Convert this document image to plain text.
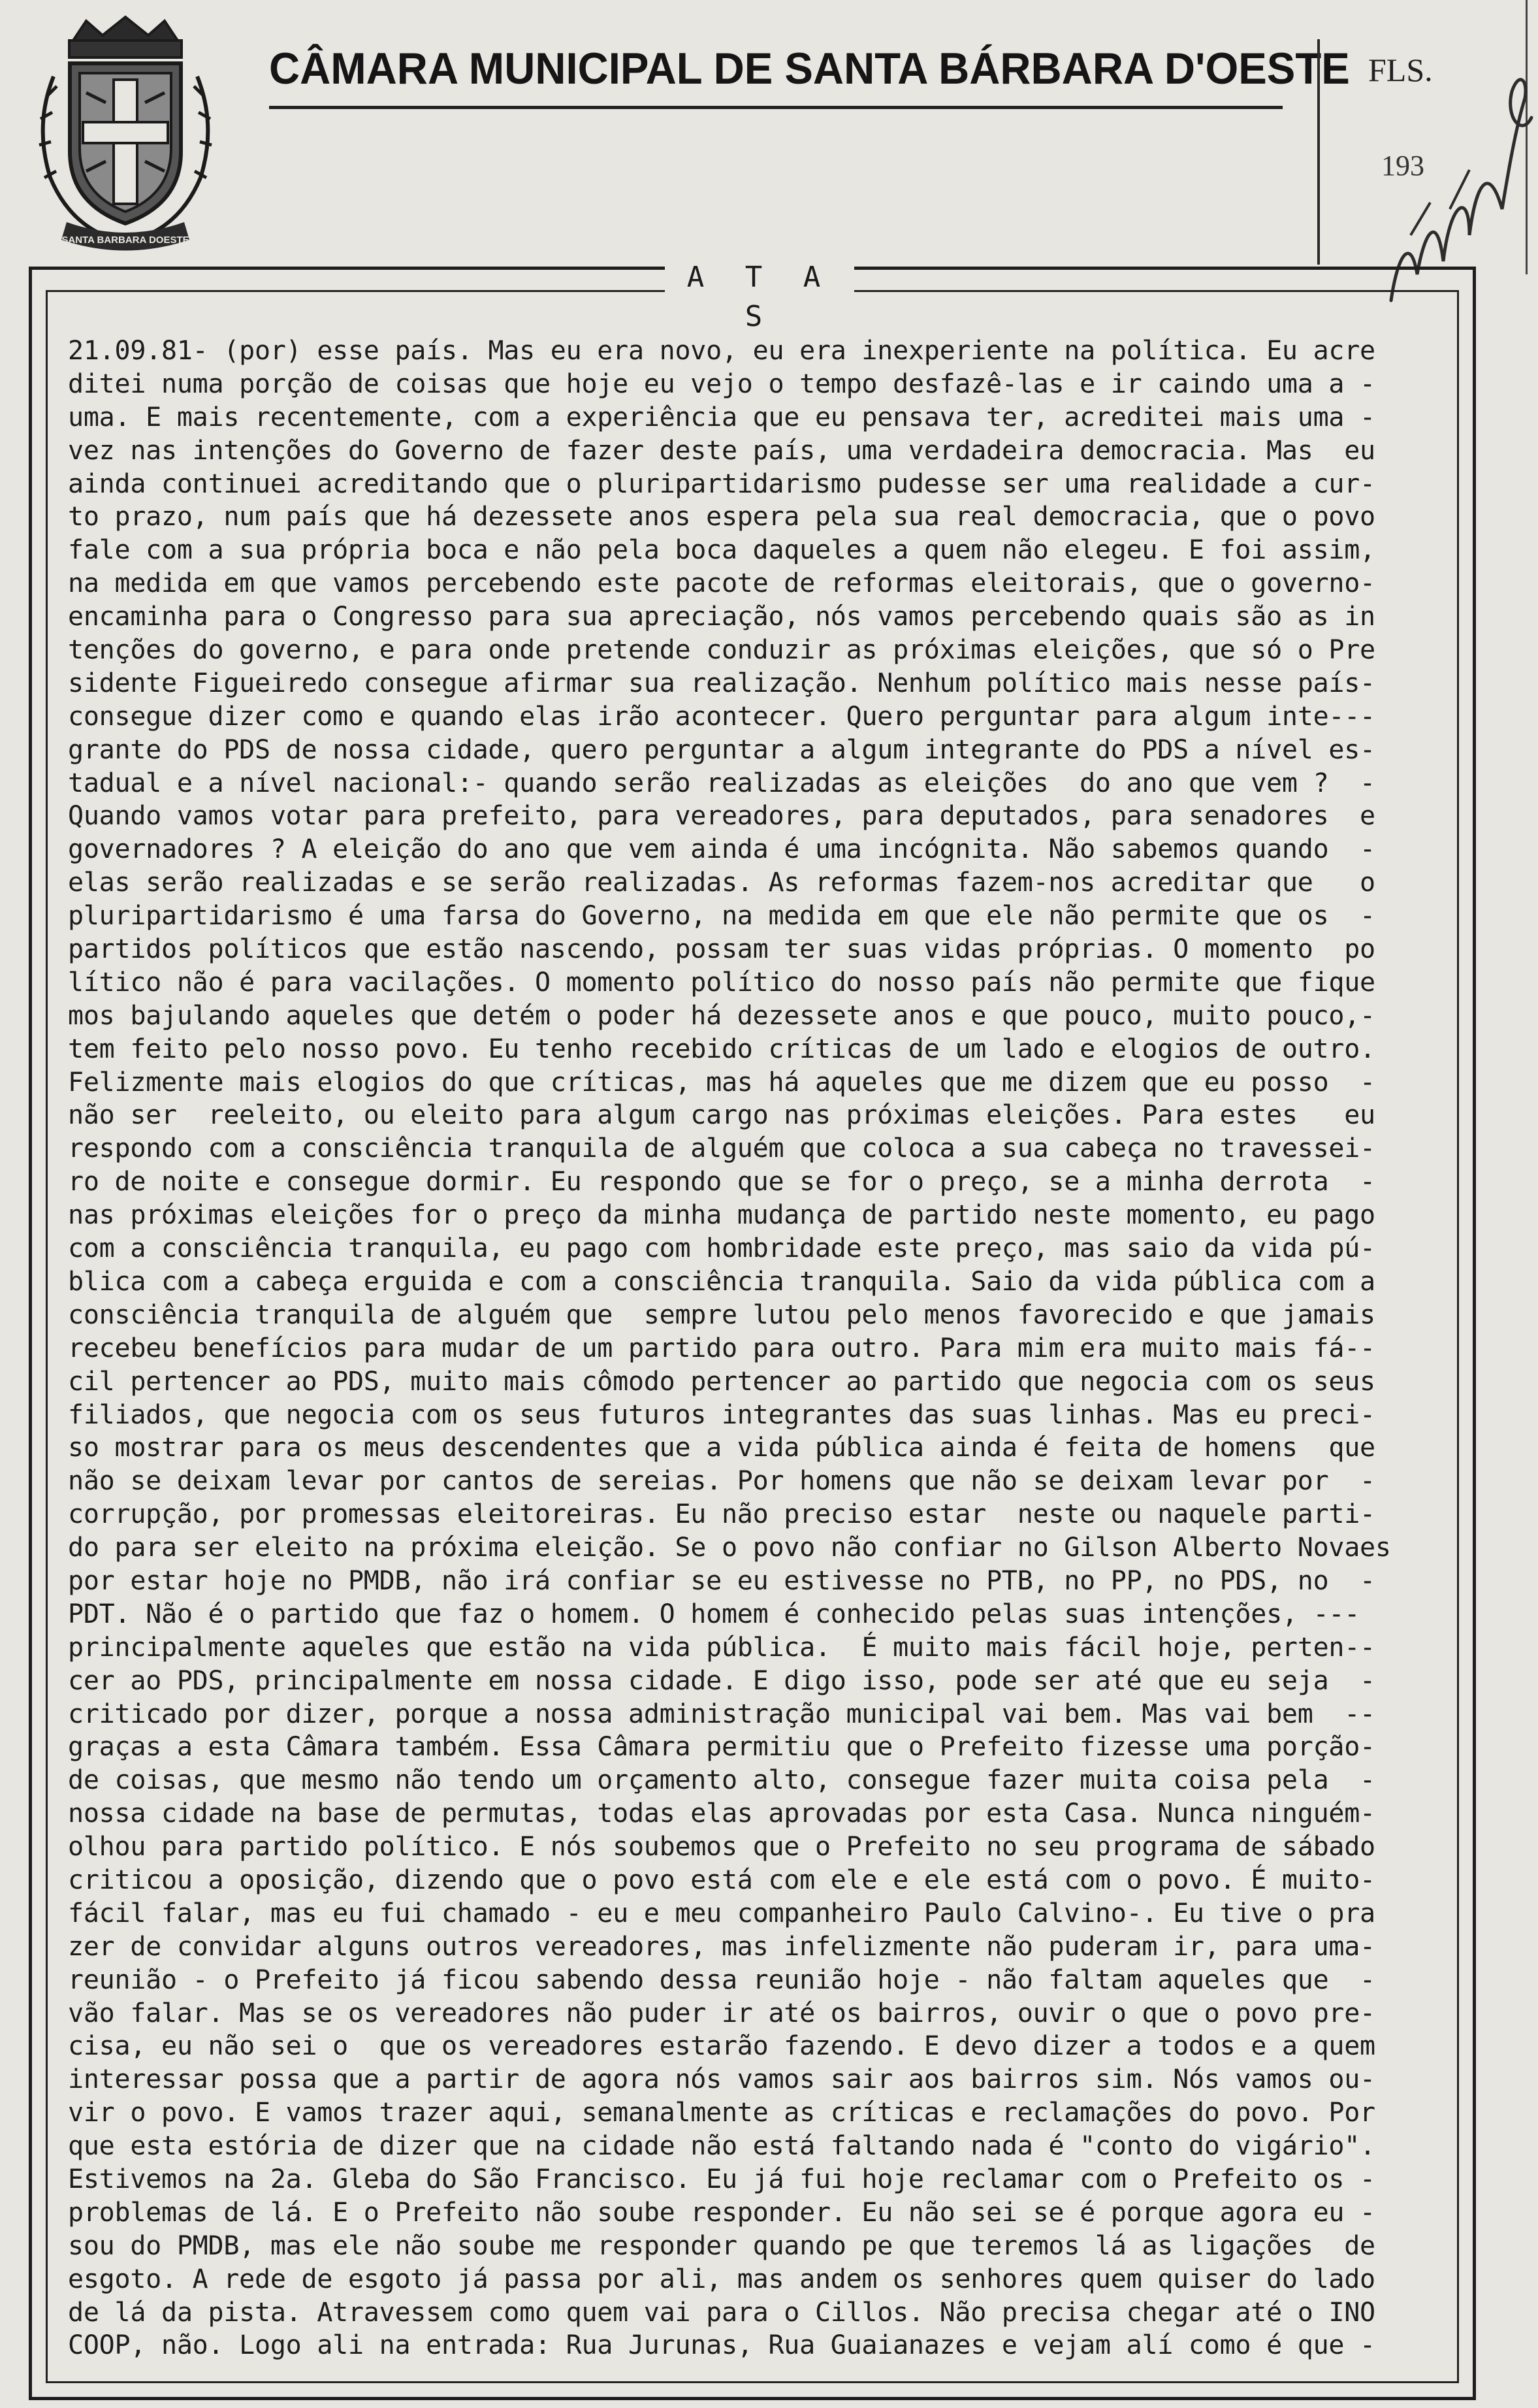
SANTA BARBARA DOESTE
CÂMARA MUNICIPAL DE SANTA BÁRBARA D'OESTE FLS.
193
A T A S
21.09.81- (por) esse país. Mas eu era novo, eu era inexperiente na política. Eu acre
ditei numa porção de coisas que hoje eu vejo o tempo desfazê-las e ir caindo uma a -
uma. E mais recentemente, com a experiência que eu pensava ter, acreditei mais uma -
vez nas intenções do Governo de fazer deste país, uma verdadeira democracia. Mas  eu
ainda continuei acreditando que o pluripartidarismo pudesse ser uma realidade a cur-
to prazo, num país que há dezessete anos espera pela sua real democracia, que o povo
fale com a sua própria boca e não pela boca daqueles a quem não elegeu. E foi assim,
na medida em que vamos percebendo este pacote de reformas eleitorais, que o governo-
encaminha para o Congresso para sua apreciação, nós vamos percebendo quais são as in
tenções do governo, e para onde pretende conduzir as próximas eleições, que só o Pre
sidente Figueiredo consegue afirmar sua realização. Nenhum político mais nesse país-
consegue dizer como e quando elas irão acontecer. Quero perguntar para algum inte---
grante do PDS de nossa cidade, quero perguntar a algum integrante do PDS a nível es-
tadual e a nível nacional:- quando serão realizadas as eleições  do ano que vem ?  -
Quando vamos votar para prefeito, para vereadores, para deputados, para senadores  e
governadores ? A eleição do ano que vem ainda é uma incógnita. Não sabemos quando  -
elas serão realizadas e se serão realizadas. As reformas fazem-nos acreditar que   o
pluripartidarismo é uma farsa do Governo, na medida em que ele não permite que os  -
partidos políticos que estão nascendo, possam ter suas vidas próprias. O momento  po
lítico não é para vacilações. O momento político do nosso país não permite que fique
mos bajulando aqueles que detém o poder há dezessete anos e que pouco, muito pouco,-
tem feito pelo nosso povo. Eu tenho recebido críticas de um lado e elogios de outro.
Felizmente mais elogios do que críticas, mas há aqueles que me dizem que eu posso  -
não ser  reeleito, ou eleito para algum cargo nas próximas eleições. Para estes   eu
respondo com a consciência tranquila de alguém que coloca a sua cabeça no travessei-
ro de noite e consegue dormir. Eu respondo que se for o preço, se a minha derrota  -
nas próximas eleições for o preço da minha mudança de partido neste momento, eu pago
com a consciência tranquila, eu pago com hombridade este preço, mas saio da vida pú-
blica com a cabeça erguida e com a consciência tranquila. Saio da vida pública com a
consciência tranquila de alguém que  sempre lutou pelo menos favorecido e que jamais
recebeu benefícios para mudar de um partido para outro. Para mim era muito mais fá--
cil pertencer ao PDS, muito mais cômodo pertencer ao partido que negocia com os seus
filiados, que negocia com os seus futuros integrantes das suas linhas. Mas eu preci-
so mostrar para os meus descendentes que a vida pública ainda é feita de homens  que
não se deixam levar por cantos de sereias. Por homens que não se deixam levar por  -
corrupção, por promessas eleitoreiras. Eu não preciso estar  neste ou naquele parti-
do para ser eleito na próxima eleição. Se o povo não confiar no Gilson Alberto Novaes
por estar hoje no PMDB, não irá confiar se eu estivesse no PTB, no PP, no PDS, no  -
PDT. Não é o partido que faz o homem. O homem é conhecido pelas suas intenções, ---
principalmente aqueles que estão na vida pública.  É muito mais fácil hoje, perten--
cer ao PDS, principalmente em nossa cidade. E digo isso, pode ser até que eu seja  -
criticado por dizer, porque a nossa administração municipal vai bem. Mas vai bem  --
graças a esta Câmara também. Essa Câmara permitiu que o Prefeito fizesse uma porção-
de coisas, que mesmo não tendo um orçamento alto, consegue fazer muita coisa pela  -
nossa cidade na base de permutas, todas elas aprovadas por esta Casa. Nunca ninguém-
olhou para partido político. E nós soubemos que o Prefeito no seu programa de sábado
criticou a oposição, dizendo que o povo está com ele e ele está com o povo. É muito-
fácil falar, mas eu fui chamado - eu e meu companheiro Paulo Calvino-. Eu tive o pra
zer de convidar alguns outros vereadores, mas infelizmente não puderam ir, para uma-
reunião - o Prefeito já ficou sabendo dessa reunião hoje - não faltam aqueles que  -
vão falar. Mas se os vereadores não puder ir até os bairros, ouvir o que o povo pre-
cisa, eu não sei o  que os vereadores estarão fazendo. E devo dizer a todos e a quem
interessar possa que a partir de agora nós vamos sair aos bairros sim. Nós vamos ou-
vir o povo. E vamos trazer aqui, semanalmente as críticas e reclamações do povo. Por
que esta estória de dizer que na cidade não está faltando nada é "conto do vigário".
Estivemos na 2a. Gleba do São Francisco. Eu já fui hoje reclamar com o Prefeito os -
problemas de lá. E o Prefeito não soube responder. Eu não sei se é porque agora eu -
sou do PMDB, mas ele não soube me responder quando pe que teremos lá as ligações  de
esgoto. A rede de esgoto já passa por ali, mas andem os senhores quem quiser do lado
de lá da pista. Atravessem como quem vai para o Cillos. Não precisa chegar até o INO
COOP, não. Logo ali na entrada: Rua Jurunas, Rua Guaianazes e vejam alí como é que -
